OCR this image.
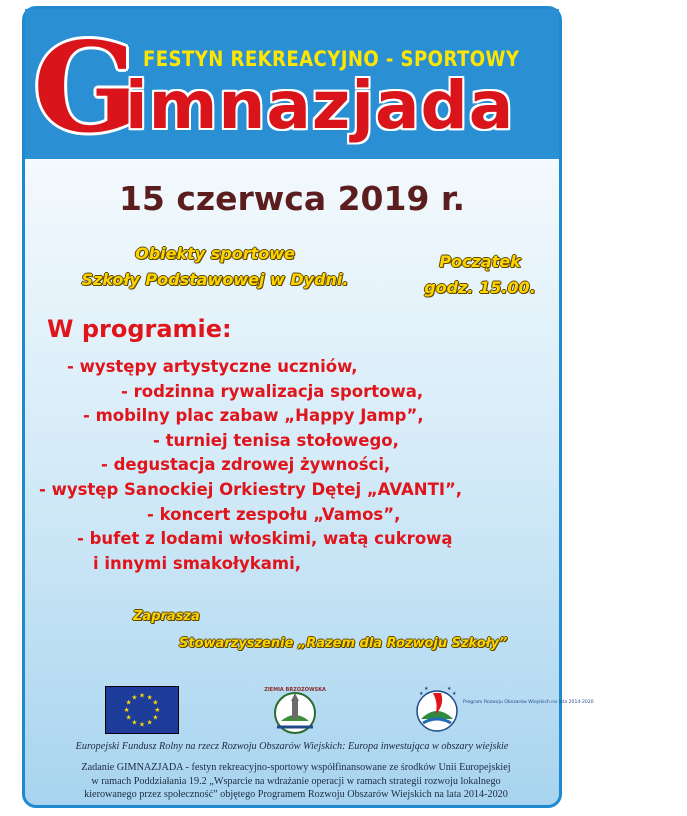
FESTYN REKREACYJNO - SPORTOWY
G
imnazjada
15 czerwca 2019 r.
Obiekty sportowe
Szkoły Podstawowej w Dydni.
Początek
godz. 15.00.
W programie:
- występy artystyczne uczniów,
- rodzinna rywalizacja sportowa,
- mobilny plac zabaw „Happy Jamp”,
- turniej tenisa stołowego,
- degustacja zdrowej żywności,
- występ Sanockiej Orkiestry Dętej „AVANTI”,
- koncert zespołu „Vamos”,
- bufet z lodami włoskimi, watą cukrową
i innymi smakołykami,
Zaprasza
Stowarzyszenie „Razem dla Rozwoju Szkoły”
★ ★
★
★
★
★
★
★
★
★
★
★
ZIEMIA BRZOZOWSKA
★
★	★
★
Program Rozwoju Obszarów Wiejskich na lata 2014-2020
Europejski Fundusz Rolny na rzecz Rozwoju Obszarów Wiejskich: Europa inwestująca w obszary wiejskie
Zadanie GIMNAZJADA - festyn rekreacyjno-sportowy współfinansowane ze środków Unii Europejskiej
w ramach Poddziałania 19.2 „Wsparcie na wdrażanie operacji w ramach strategii rozwoju lokalnego
kierowanego przez społeczność” objętego Programem Rozwoju Obszarów Wiejskich na lata 2014-2020
